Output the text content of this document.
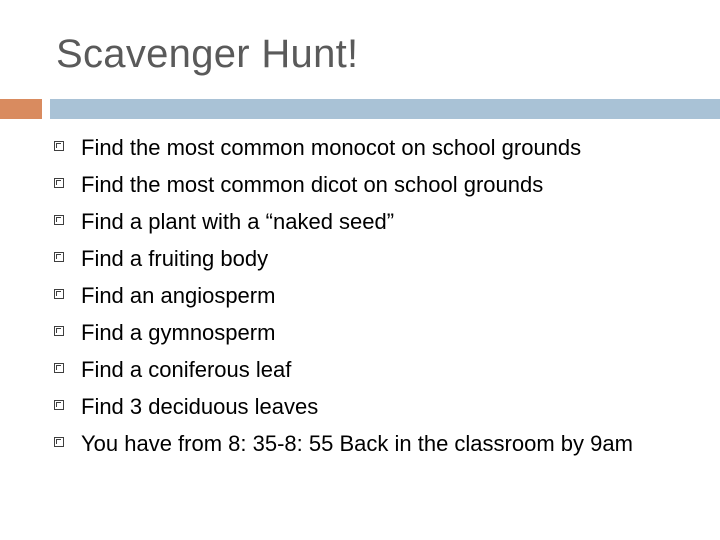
Scavenger Hunt!
Find the most common monocot on school grounds
Find the most common dicot on school grounds
Find a plant with a “naked seed”
Find a fruiting body
Find an angiosperm
Find a gymnosperm
Find a coniferous leaf
Find 3 deciduous leaves
You have from 8: 35-8: 55 Back in the classroom by 9am
